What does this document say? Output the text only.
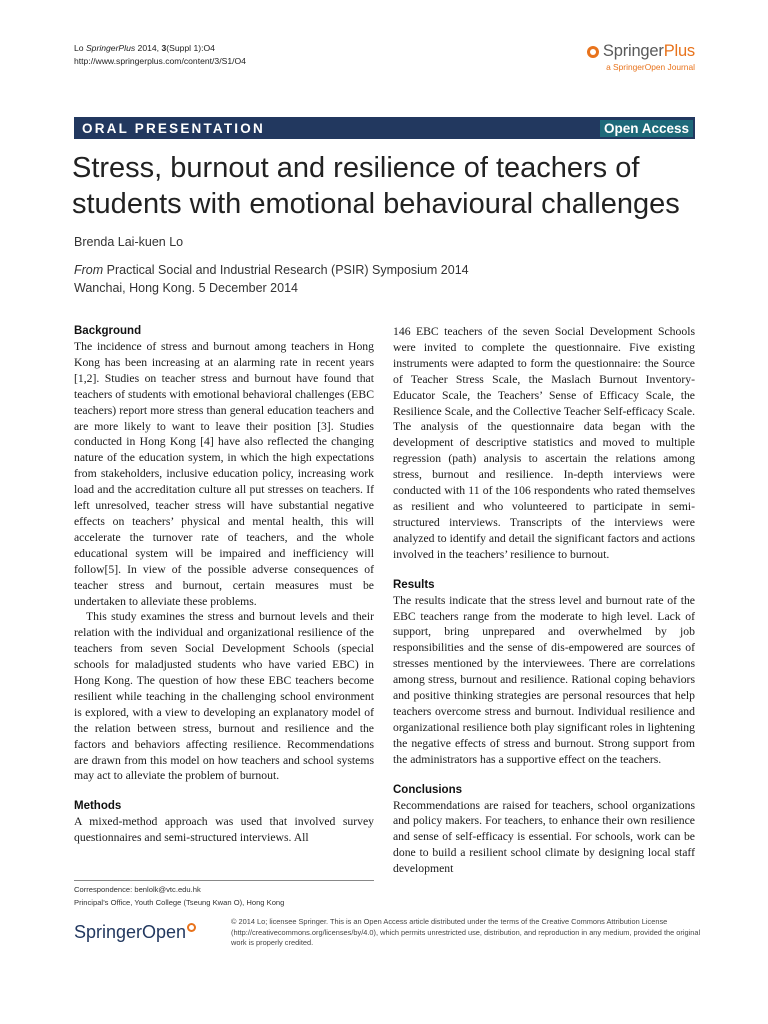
Lo SpringerPlus 2014, 3(Suppl 1):O4
http://www.springerplus.com/content/3/S1/O4
SpringerPlus
a SpringerOpen Journal
ORAL PRESENTATION	Open Access
Stress, burnout and resilience of teachers of students with emotional behavioural challenges
Brenda Lai-kuen Lo
From Practical Social and Industrial Research (PSIR) Symposium 2014
Wanchai, Hong Kong. 5 December 2014
Background

The incidence of stress and burnout among teachers in Hong Kong has been increasing at an alarming rate in recent years [1,2]. Studies on teacher stress and burnout have found that teachers of students with emotional behavioral challenges (EBC teachers) report more stress than general education teachers and are more likely to want to leave their position [3]. Studies conducted in Hong Kong [4] have also reflected the changing nature of the education system, in which the high expectations from stakeholders, inclusive education policy, increasing work load and the accreditation culture all put stresses on teachers. If left unresolved, teacher stress will have substantial negative effects on teachers’ physical and mental health, this will accelerate the turnover rate of teachers, and the whole educational system will be impaired and inefficiency will follow[5]. In view of the possible adverse consequences of teacher stress and burnout, certain measures must be undertaken to alleviate these problems.

This study examines the stress and burnout levels and their relation with the individual and organizational resilience of the teachers from seven Social Development Schools (special schools for maladjusted students who have varied EBC) in Hong Kong. The question of how these EBC teachers become resilient while teaching in the challenging school environment is explored, with a view to developing an explanatory model of the relation between stress, burnout and resilience and the factors and behaviors affecting resilience. Recommendations are drawn from this model on how teachers and school systems may act to alleviate the problem of burnout.

Methods

A mixed-method approach was used that involved survey questionnaires and semi-structured interviews. All

146 EBC teachers of the seven Social Development Schools were invited to complete the questionnaire. Five existing instruments were adapted to form the questionnaire: the Source of Teacher Stress Scale, the Maslach Burnout Inventory-Educator Scale, the Teachers’ Sense of Efficacy Scale, the Resilience Scale, and the Collective Teacher Self-efficacy Scale. The analysis of the questionnaire data began with the development of descriptive statistics and moved to multiple regression (path) analysis to ascertain the relations among stress, burnout and resilience. In-depth interviews were conducted with 11 of the 106 respondents who rated themselves as resilient and who volunteered to participate in semi-structured interviews. Transcripts of the interviews were analyzed to identify and detail the significant factors and actions involved in the teachers’ resilience to burnout.

Results

The results indicate that the stress level and burnout rate of the EBC teachers range from the moderate to high level. Lack of support, bring unprepared and overwhelmed by job responsibilities and the sense of dis-empowered are sources of stresses mentioned by the interviewees. There are correlations among stress, burnout and resilience. Rational coping behaviors and positive thinking strategies are personal resources that help teachers overcome stress and burnout. Individual resilience and organizational resilience both play significant roles in lightening the negative effects of stress and burnout. Strong support from the administrators has a supportive effect on the teachers.

Conclusions

Recommendations are raised for teachers, school organizations and policy makers. For teachers, to enhance their own resilience and sense of self-efficacy is essential. For schools, work can be done to build a resilient school climate by designing local staff development

Correspondence: benlolk@vtc.edu.hk
Principal’s Office, Youth College (Tseung Kwan O), Hong Kong
SpringerOpen
© 2014 Lo; licensee Springer. This is an Open Access article distributed under the terms of the Creative Commons Attribution License (http://creativecommons.org/licenses/by/4.0), which permits unrestricted use, distribution, and reproduction in any medium, provided the original work is properly credited.
